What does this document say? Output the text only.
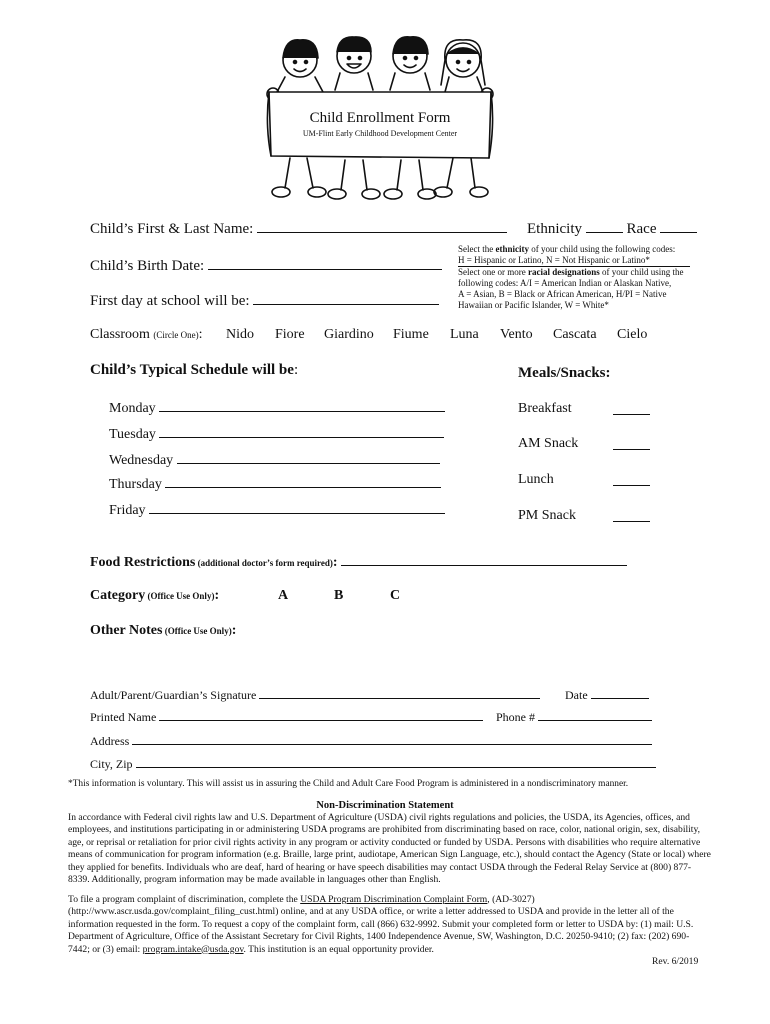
Child Enrollment Form
UM-Flint Early Childhood Development Center
Child’s First & Last Name:	Ethnicity	Race
Child’s Birth Date:
First day at school will be:
Select the ethnicity of your child using the following codes:
H = Hispanic or Latino, N = Not Hispanic or Latino*
Select one or more racial designations of your child using the
following codes: A/I = American Indian or Alaskan Native,
A = Asian, B = Black or African American, H/PI = Native
Hawaiian or Pacific Islander, W = White*
Classroom (Circle One): Nido Fiore Giardino Fiume Luna Vento Cascata Cielo
Child’s Typical Schedule will be:	Meals/Snacks:
Monday
Tuesday
Wednesday
Thursday
Friday
Breakfast
AM Snack
Lunch
PM Snack
Food Restrictions (additional doctor’s form required):
Category (Office Use Only):	A	B	C
Other Notes (Office Use Only):
Adult/Parent/Guardian’s Signature	Date
Printed Name	Phone #
Address
City, Zip
*This information is voluntary. This will assist us in assuring the Child and Adult Care Food Program is administered in a nondiscriminatory manner.
Non-Discrimination Statement
In accordance with Federal civil rights law and U.S. Department of Agriculture (USDA) civil rights regulations and policies, the USDA, its Agencies, offices, and employees, and institutions participating in or administering USDA programs are prohibited from discriminating based on race, color, national origin, sex, disability, age, or reprisal or retaliation for prior civil rights activity in any program or activity conducted or funded by USDA. Persons with disabilities who require alternative means of communication for program information (e.g. Braille, large print, audiotape, American Sign Language, etc.), should contact the Agency (State or local) where they applied for benefits. Individuals who are deaf, hard of hearing or have speech disabilities may contact USDA through the Federal Relay Service at (800) 877-8339. Additionally, program information may be made available in languages other than English.
To file a program complaint of discrimination, complete the USDA Program Discrimination Complaint Form, (AD-3027) (http://www.ascr.usda.gov/complaint_filing_cust.html) online, and at any USDA office, or write a letter addressed to USDA and provide in the letter all of the information requested in the form. To request a copy of the complaint form, call (866) 632-9992. Submit your completed form or letter to USDA by: (1) mail: U.S. Department of Agriculture, Office of the Assistant Secretary for Civil Rights, 1400 Independence Avenue, SW, Washington, D.C. 20250-9410; (2) fax: (202) 690-7442; or (3) email: program.intake@usda.gov. This institution is an equal opportunity provider.
Rev. 6/2019
